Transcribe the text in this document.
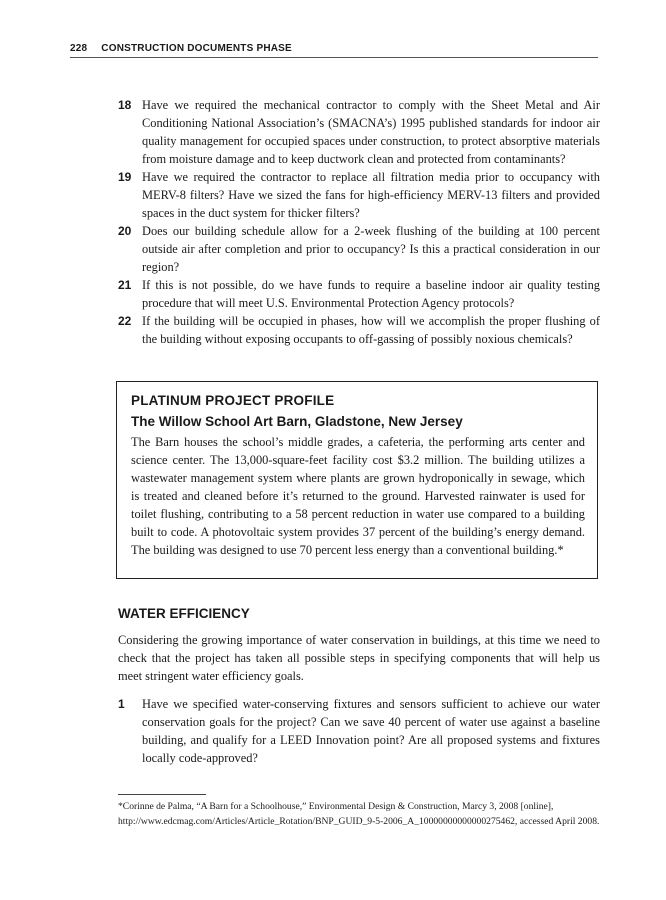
228 CONSTRUCTION DOCUMENTS PHASE
18 Have we required the mechanical contractor to comply with the Sheet Metal and Air Conditioning National Association’s (SMACNA’s) 1995 published standards for indoor air quality management for occupied spaces under construction, to protect absorptive materials from moisture damage and to keep ductwork clean and protected from contaminants?
19 Have we required the contractor to replace all filtration media prior to occupancy with MERV-8 filters? Have we sized the fans for high-efficiency MERV-13 filters and provided spaces in the duct system for thicker filters?
20 Does our building schedule allow for a 2-week flushing of the building at 100 percent outside air after completion and prior to occupancy? Is this a practical consideration in our region?
21 If this is not possible, do we have funds to require a baseline indoor air quality testing procedure that will meet U.S. Environmental Protection Agency protocols?
22 If the building will be occupied in phases, how will we accomplish the proper flushing of the building without exposing occupants to off-gassing of possibly noxious chemicals?
PLATINUM PROJECT PROFILE
The Willow School Art Barn, Gladstone, New Jersey
The Barn houses the school’s middle grades, a cafeteria, the performing arts center and science center. The 13,000-square-feet facility cost $3.2 million. The building utilizes a wastewater management system where plants are grown hydroponically in sewage, which is treated and cleaned before it’s returned to the ground. Harvested rainwater is used for toilet flushing, contributing to a 58 percent reduction in water use compared to a building built to code. A photovoltaic system provides 37 percent of the building’s energy demand. The building was designed to use 70 percent less energy than a conventional building.*
WATER EFFICIENCY
Considering the growing importance of water conservation in buildings, at this time we need to check that the project has taken all possible steps in specifying components that will help us meet stringent water efficiency goals.
1 Have we specified water-conserving fixtures and sensors sufficient to achieve our water conservation goals for the project? Can we save 40 percent of water use against a baseline building, and qualify for a LEED Innovation point? Are all proposed systems and fixtures locally code-approved?
*Corinne de Palma, “A Barn for a Schoolhouse,” Environmental Design & Construction, Marcy 3, 2008 [online], http://www.edcmag.com/Articles/Article_Rotation/BNP_GUID_9-5-2006_A_10000000000000275462, accessed April 2008.
